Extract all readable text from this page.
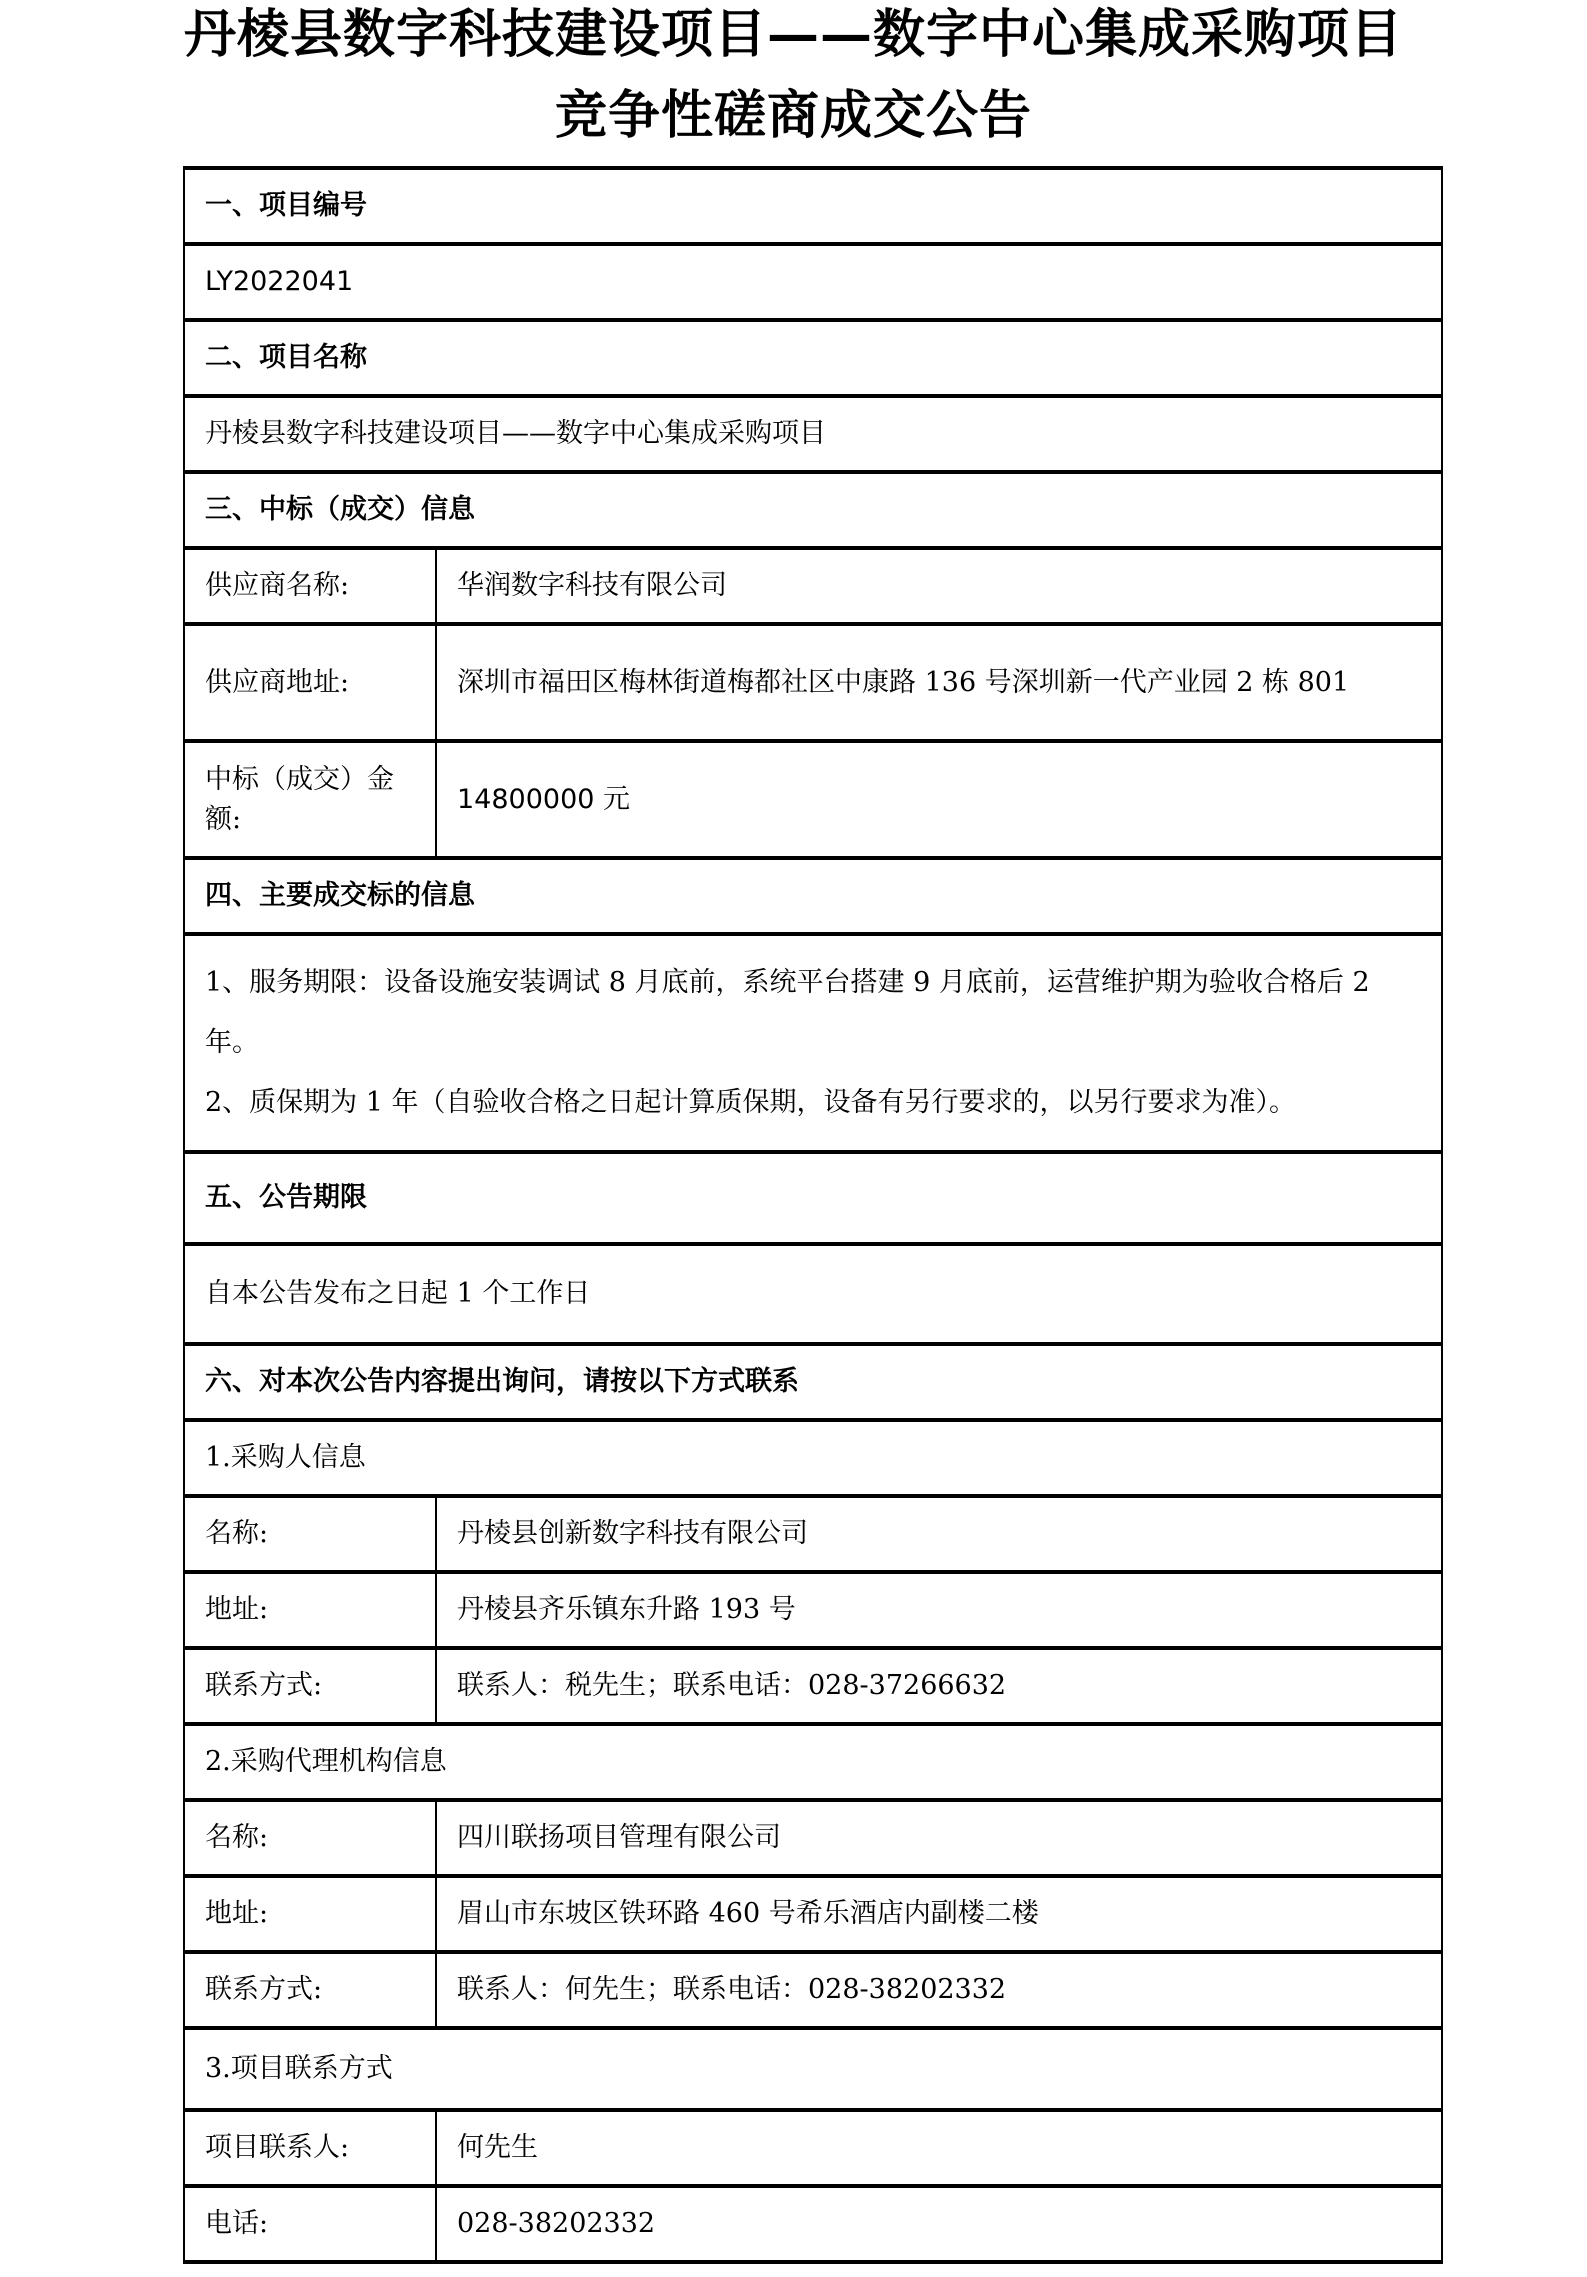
丹棱县数字科技建设项目——数字中心集成采购项目
竞争性磋商成交公告
一、项目编号	
LY2022041	
二、项目名称	
丹棱县数字科技建设项目——数字中心集成采购项目	
三、中标（成交）信息	
供应商名称:	华润数字科技有限公司
供应商地址:	深圳市福田区梅林街道梅都社区中康路 136 号深圳新一代产业园 2 栋 801
中标（成交）金额:	14800000 元
四、主要成交标的信息	

1、服务期限：设备设施安装调试 8 月底前，系统平台搭建 9 月底前，运营维护期为验收合格后 2 年。

2、质保期为 1 年（自验收合格之日起计算质保期，设备有另行要求的，以另行要求为准）。	

五、公告期限	
自本公告发布之日起 1 个工作日	
六、对本次公告内容提出询问，请按以下方式联系	
1.采购人信息	
名称:	丹棱县创新数字科技有限公司
地址:	丹棱县齐乐镇东升路 193 号
联系方式:	联系人：税先生；联系电话：028-37266632
2.采购代理机构信息	
名称:	四川联扬项目管理有限公司
地址:	眉山市东坡区铁环路 460 号希乐酒店内副楼二楼
联系方式:	联系人：何先生；联系电话：028-38202332
3.项目联系方式	
项目联系人:	何先生
电话:	028-38202332
